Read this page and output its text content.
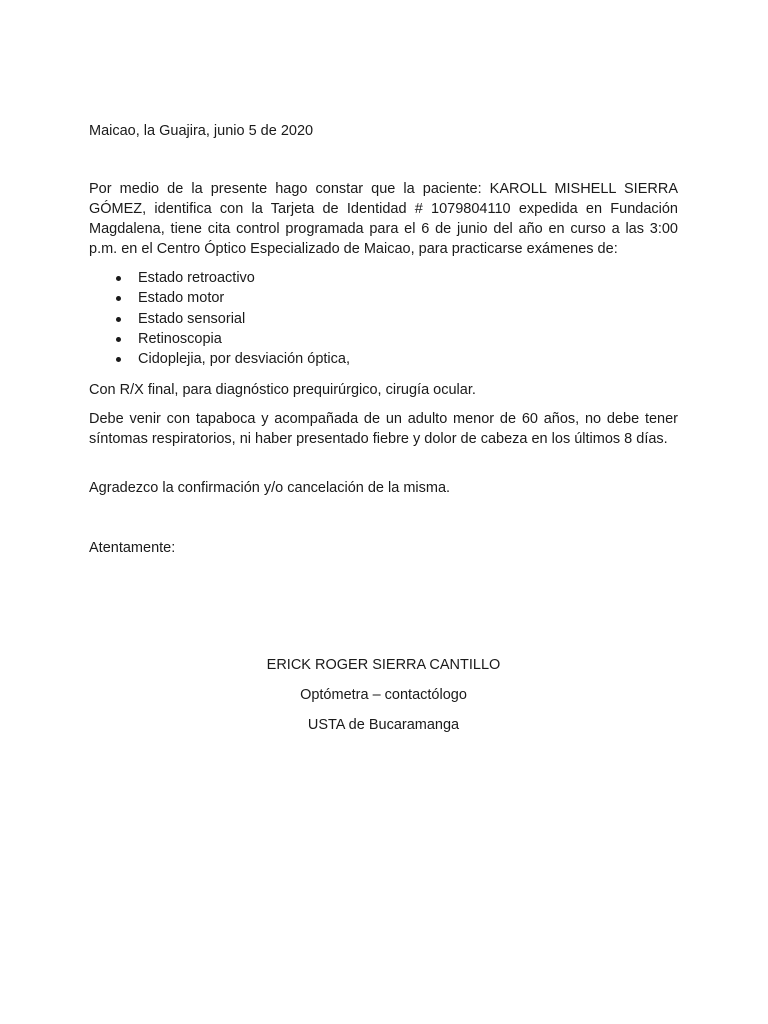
Maicao, la Guajira, junio 5 de 2020

Por medio de la presente hago constar que la paciente: KAROLL MISHELL SIERRA GÓMEZ, identifica con la Tarjeta de Identidad # 1079804110 expedida en Fundación Magdalena, tiene cita control programada para el 6 de junio del año en curso a las 3:00 p.m. en el Centro Óptico Especializado de Maicao, para practicarse exámenes de:

Estado retroactivo
Estado motor
Estado sensorial
Retinoscopia
Cidoplejia, por desviación óptica,

Con R/X final, para diagnóstico prequirúrgico, cirugía ocular.

Debe venir con tapaboca y acompañada de un adulto menor de 60 años, no debe tener síntomas respiratorios, ni haber presentado fiebre y dolor de cabeza en los últimos 8 días.

Agradezco la confirmación y/o cancelación de la misma.

Atentamente:

ERICK ROGER SIERRA CANTILLO

Optómetra – contactólogo

USTA de Bucaramanga
